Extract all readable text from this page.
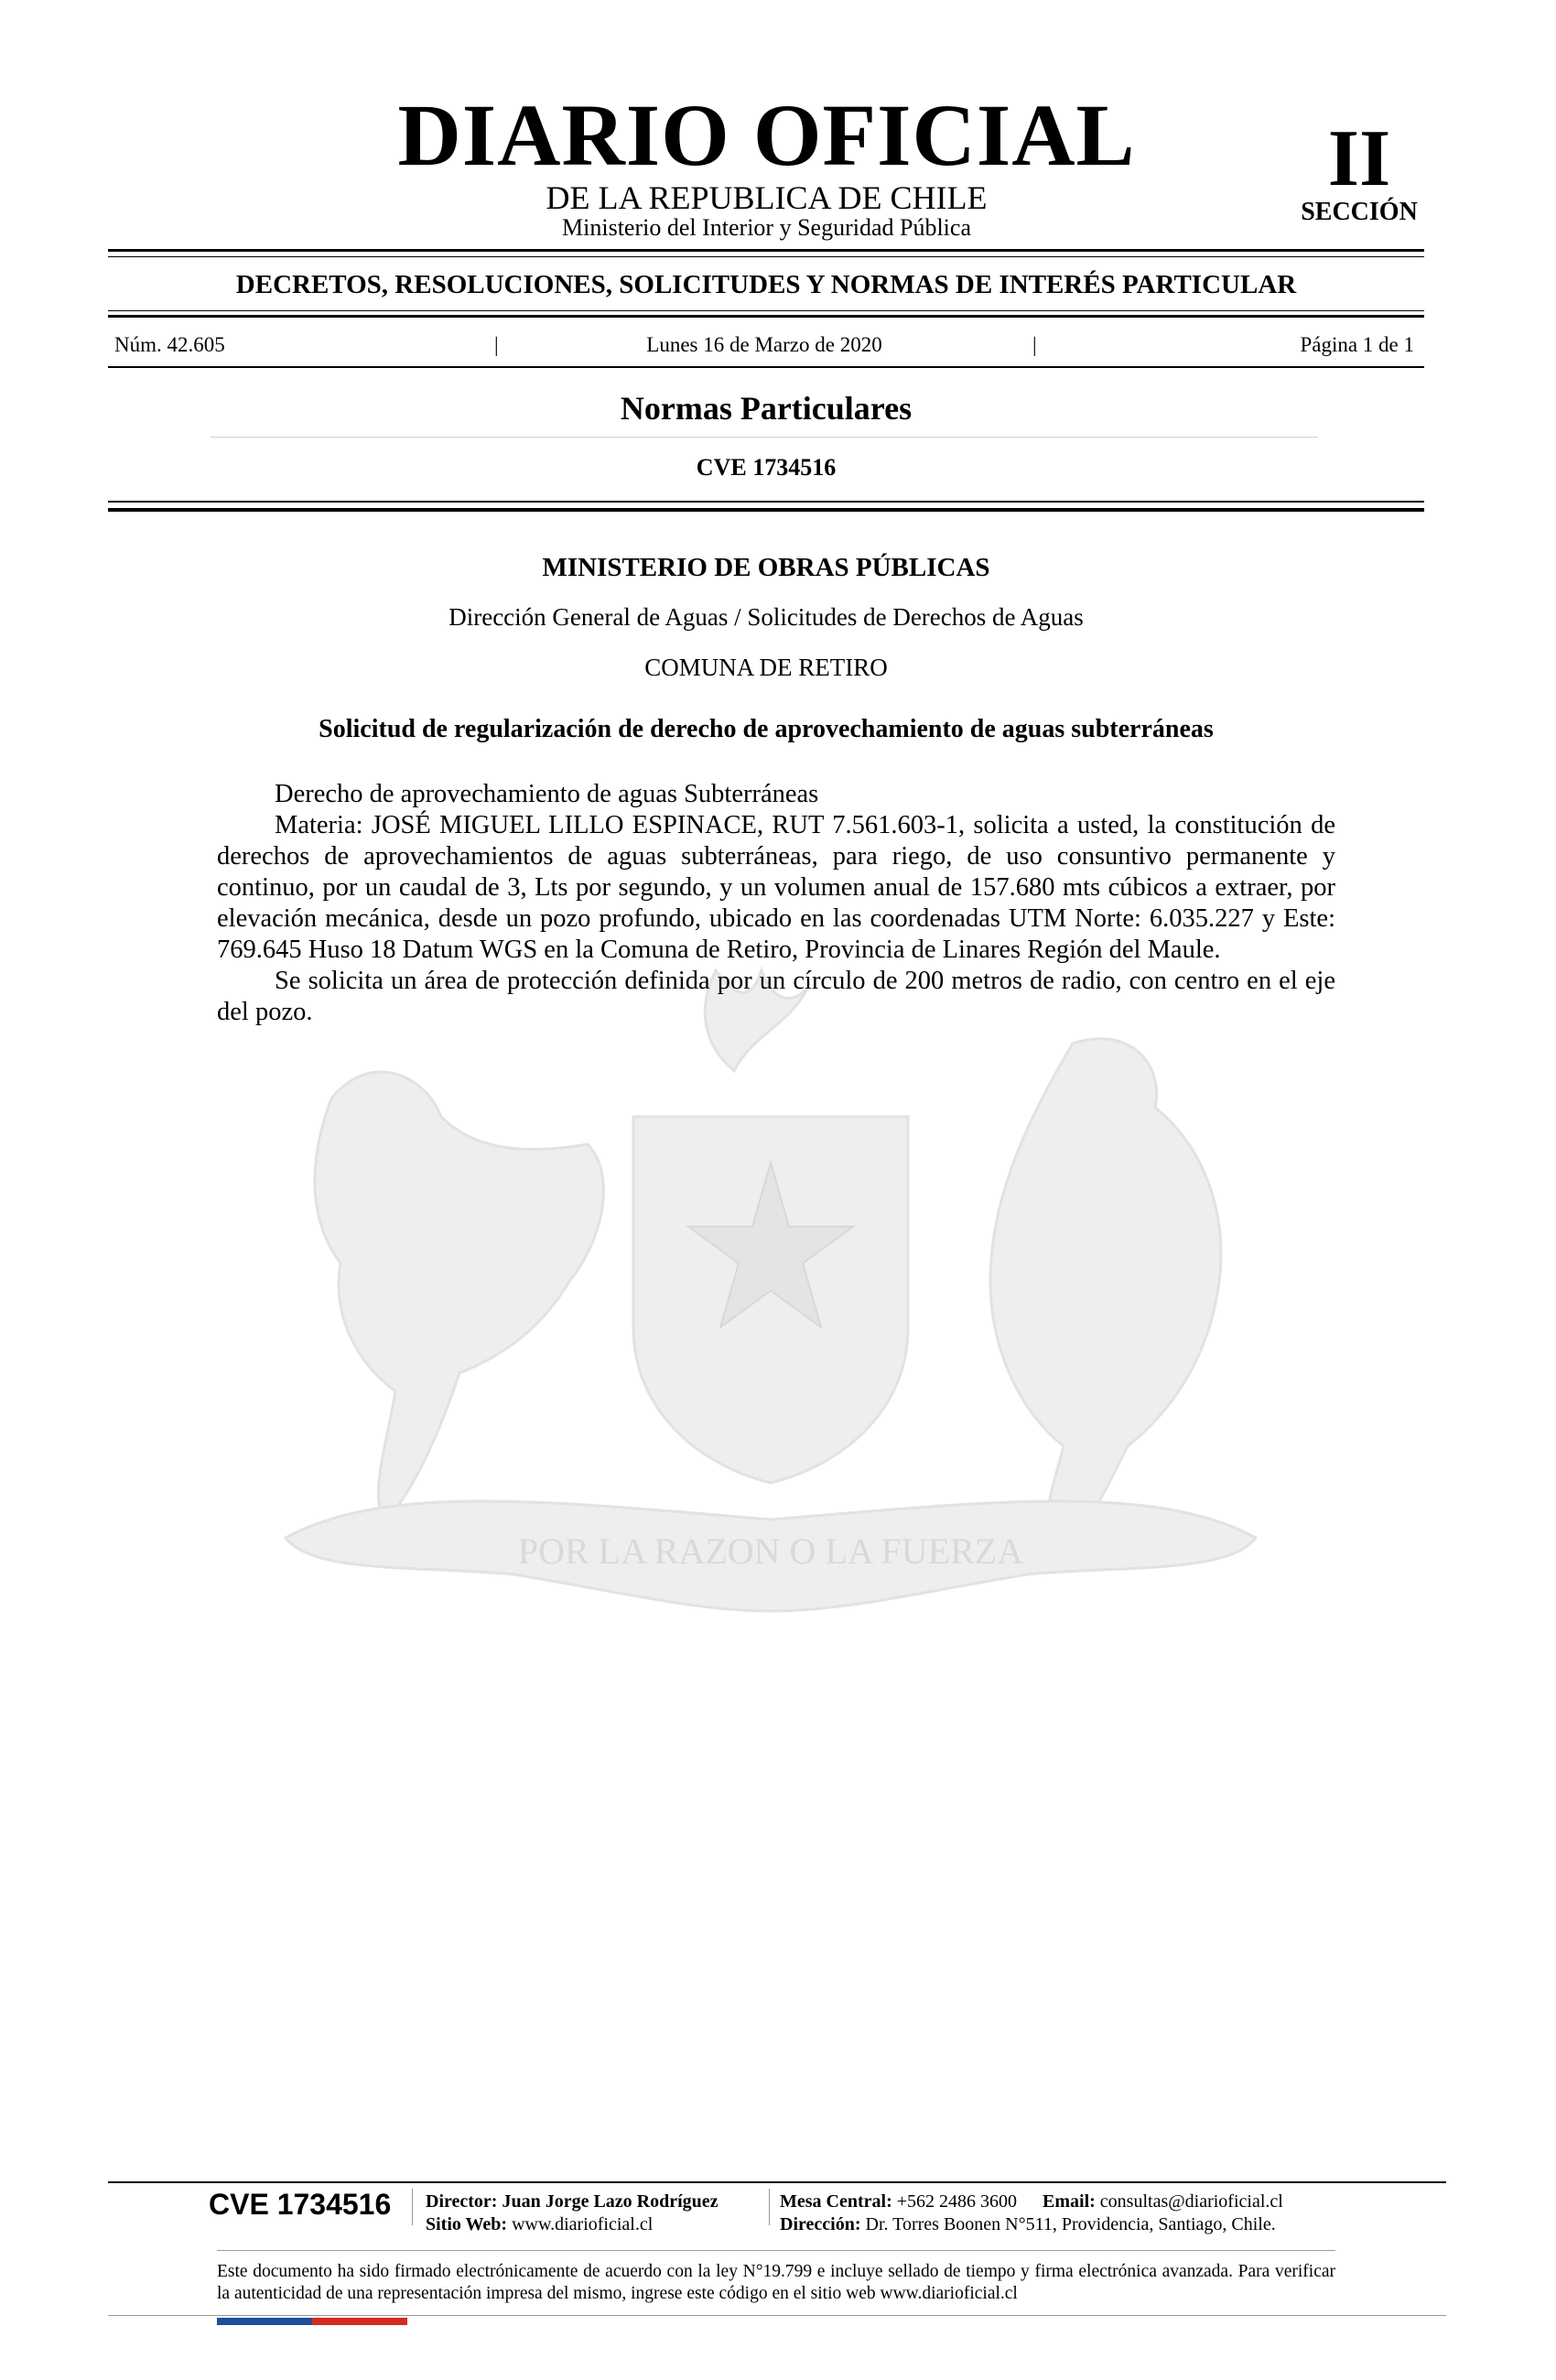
DIARIO OFICIAL
DE LA REPUBLICA DE CHILE
Ministerio del Interior y Seguridad Pública
II
SECCIÓN
DECRETOS, RESOLUCIONES, SOLICITUDES Y NORMAS DE INTERÉS PARTICULAR
Núm. 42.605	|	Lunes 16 de Marzo de 2020	|	Página 1 de 1
Normas Particulares
CVE 1734516
POR LA RAZON O LA FUERZA
MINISTERIO DE OBRAS PÚBLICAS
Dirección General de Aguas / Solicitudes de Derechos de Aguas
COMUNA DE RETIRO
Solicitud de regularización de derecho de aprovechamiento de aguas subterráneas

Derecho de aprovechamiento de aguas Subterráneas

Materia: JOSÉ MIGUEL LILLO ESPINACE, RUT 7.561.603-1, solicita a usted, la constitución de derechos de aprovechamientos de aguas subterráneas, para riego, de uso consuntivo permanente y continuo, por un caudal de 3, Lts por segundo, y un volumen anual de 157.680 mts cúbicos a extraer, por elevación mecánica, desde un pozo profundo, ubicado en las coordenadas UTM Norte: 6.035.227 y Este: 769.645 Huso 18 Datum WGS en la Comuna de Retiro, Provincia de Linares Región del Maule.

Se solicita un área de protección definida por un círculo de 200 metros de radio, con centro en el eje del pozo.

CVE 1734516 Director: Juan Jorge Lazo Rodríguez
Sitio Web: www.diarioficial.cl
Mesa Central: +562 2486 3600 Email: consultas@diarioficial.cl
Dirección: Dr. Torres Boonen N°511, Providencia, Santiago, Chile.
Este documento ha sido firmado electrónicamente de acuerdo con la ley N°19.799 e incluye sellado de tiempo y firma electrónica avanzada. Para verificar la autenticidad de una representación impresa del mismo, ingrese este código en el sitio web www.diarioficial.cl
